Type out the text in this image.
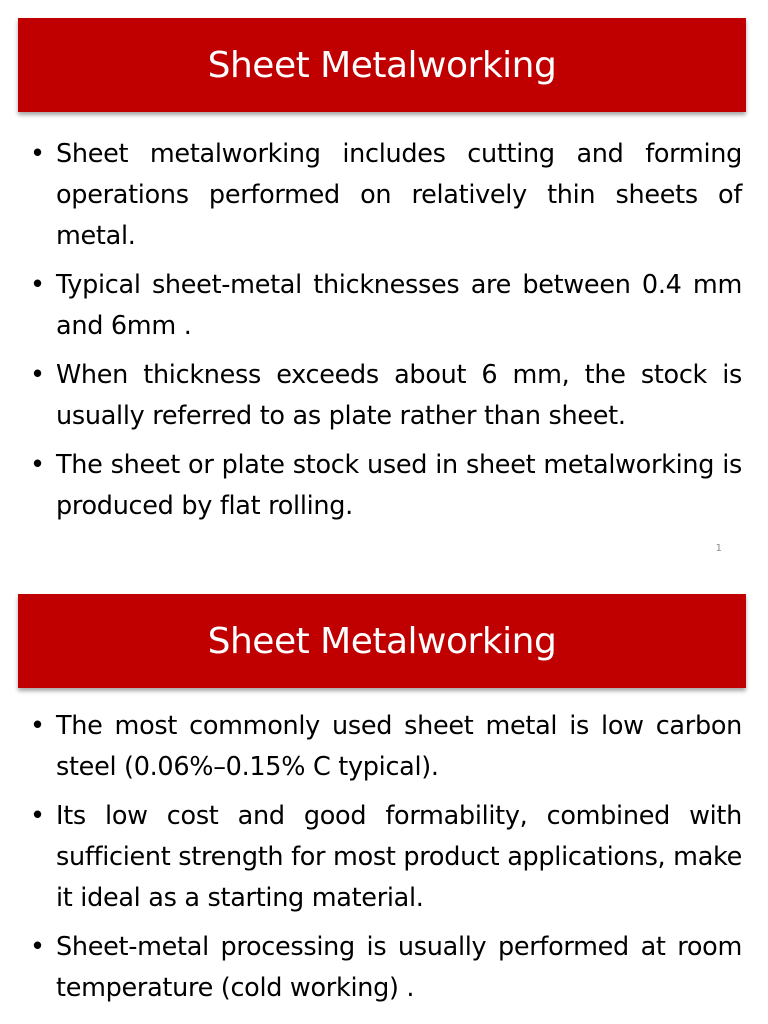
Sheet Metalworking
• Sheet metalworking includes cutting and forming operations performed on relatively thin sheets of metal.
• Typical sheet-metal thicknesses are between 0.4 mm and 6mm .
• When thickness exceeds about 6 mm, the stock is usually referred to as plate rather than sheet.
• The sheet or plate stock used in sheet metalworking is produced by flat rolling.
1
Sheet Metalworking
• The most commonly used sheet metal is low carbon steel (0.06%–0.15% C typical).
• Its low cost and good formability, combined with sufficient strength for most product applications, make it ideal as a starting material.
• Sheet-metal processing is usually performed at room temperature (cold working) .
